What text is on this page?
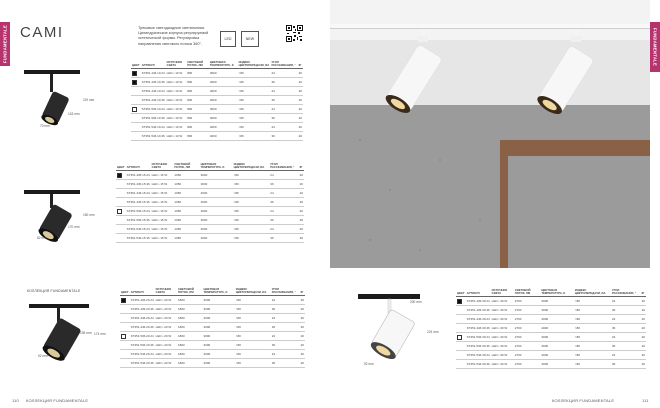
FUNDAMENTALE CAMI	Трековые светодиодные светильники. Цилиндрические корпуса регулируемой эстетической формы. Регулировка направления светового потока 360°.
LED	NEW
143 mm
70 mm
119 mm
ЦВЕТ	АРТИКУЛ	ИСТОЧНИК СВЕТА	СВЕТОВОЙ ПОТОК, ЛМ	ЦВЕТОВАЯ ТЕМПЕРАТУРА, K	ИНДЕКС ЦВЕТОПЕРЕДАЧИ, RA	УГОЛ РАССЕИВАНИЯ, °	IP
	ST351.446.10.24	LED • 10 W	800	3000	>80	24	20
	ST351.446.10.36	LED • 10 W	800	4000	>80	36	20
	ST351.446.10.24	LED • 10 W	800	4000	>80	24	20
	ST351.446.10.36	LED • 10 W	800	4000	>80	36	20
	ST351.536.10.24	LED • 10 W	800	3000	>80	24	20
	ST351.536.10.36	LED • 10 W	800	3000	>80	36	20
	ST351.546.10.24	LED • 10 W	800	4000	>80	24	20
	ST351.546.10.36	LED • 10 W	800	4000	>80	36	20
170 mm
82 mm
150 mm
ЦВЕТ	АРТИКУЛ	ИСТОЧНИК СВЕТА	СВЕТОВОЙ ПОТОК, ЛМ	ЦВЕТОВАЯ ТЕМПЕРАТУРА, K	ИНДЕКС ЦВЕТОПЕРЕДАЧИ, RA	УГОЛ РАССЕИВАНИЯ, °	IP
	ST351.436.15.24	LED • 15 W	1050	3000	>80	24	20
	ST351.436.15.36	LED • 15 W	1050	3000	>80	36	20
	ST351.446.15.24	LED • 15 W	1050	4000	>80	24	20
	ST351.446.15.36	LED • 15 W	1050	4000	>80	36	20
	ST351.536.15.24	LED • 15 W	1050	3000	>80	24	20
	ST351.536.15.36	LED • 15 W	1050	3000	>80	36	20
	ST351.546.15.24	LED • 15 W	1050	4000	>80	24	20
	ST351.546.15.36	LED • 15 W	1050	4000	>80	36	20
КОЛЛЕКЦИЯ FUNDAMENTALE
195 mm
92 mm
174 mm
ЦВЕТ	АРТИКУЛ	ИСТОЧНИК СВЕТА	СВЕТОВОЙ ПОТОК, ЛМ	ЦВЕТОВАЯ ТЕМПЕРАТУРА, K	ИНДЕКС ЦВЕТОПЕРЕДАЧИ, RA	УГОЛ РАССЕИВАНИЯ, °	IP
	ST351.436.20.24	LED • 20 W	1800	3000	>80	24	20
	ST351.436.20.36	LED • 20 W	1800	3000	>80	36	20
	ST351.446.20.24	LED • 20 W	1800	4000	>80	24	20
	ST351.446.20.36	LED • 20 W	1800	4000	>80	36	20
	ST351.536.20.24	LED • 20 W	1800	3000	>80	24	20
	ST351.536.20.36	LED • 20 W	1800	3000	>80	36	20
	ST351.546.20.24	LED • 20 W	1800	4000	>80	24	20
	ST351.546.20.36	LED • 20 W	1800	4000	>80	36	20
110 КОЛЛЕКЦИЯ FUNDAMENTALE
FUNDAMENTALE
224 mm
92 mm
200 mm
ЦВЕТ	АРТИКУЛ	ИСТОЧНИК СВЕТА	СВЕТОВОЙ ПОТОК, ЛМ	ЦВЕТОВАЯ ТЕМПЕРАТУРА, K	ИНДЕКС ЦВЕТОПЕРЕДАЧИ, RA	УГОЛ РАССЕИВАНИЯ, °	IP
	ST351.436.30.24	LED • 30 W	2700	3000	>80	24	20
	ST351.436.30.36	LED • 30 W	2700	3000	>80	36	20
	ST351.446.30.24	LED • 30 W	2700	4000	>80	24	20
	ST351.446.30.36	LED • 30 W	2700	4000	>80	36	20
	ST351.536.30.24	LED • 30 W	2700	3000	>80	24	20
	ST351.536.30.36	LED • 30 W	2700	3000	>80	36	20
	ST351.546.30.24	LED • 30 W	2700	4000	>80	24	20
	ST351.546.30.36	LED • 30 W	2700	4000	>80	36	20
КОЛЛЕКЦИЯ FUNDAMENTALE	111
